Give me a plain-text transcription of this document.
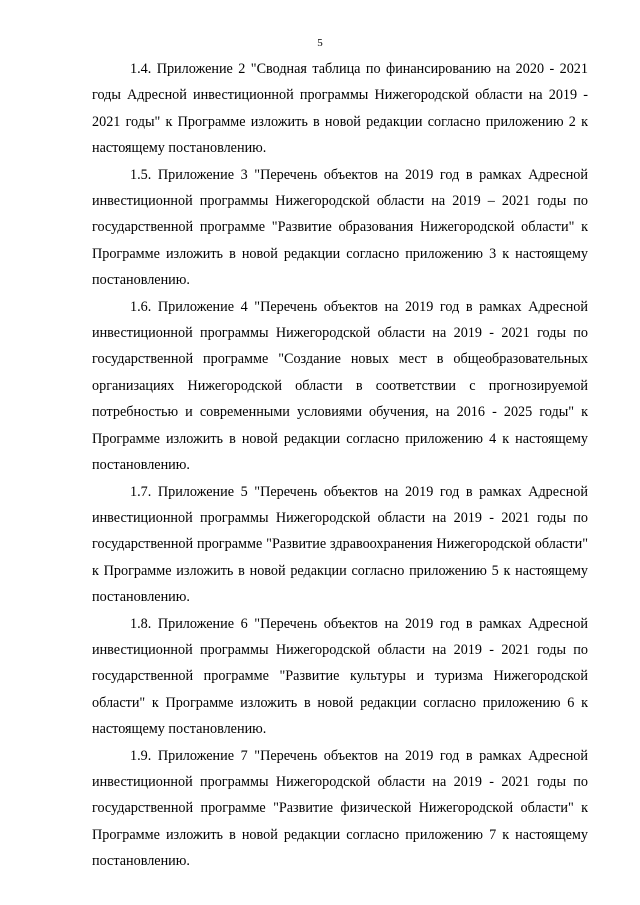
5

1.4. Приложение 2 "Сводная таблица по финансированию на 2020 - 2021 годы Адресной инвестиционной программы Нижегородской области на 2019 - 2021 годы" к Программе изложить в новой редакции согласно приложению 2 к настоящему постановлению.

1.5. Приложение 3 "Перечень объектов на 2019 год в рамках Адресной инвестиционной программы Нижегородской области на 2019 – 2021 годы по государственной программе "Развитие образования Нижегородской области" к Программе изложить в новой редакции согласно приложению 3 к настоящему постановлению.

1.6. Приложение 4 "Перечень объектов на 2019 год в рамках Адресной инвестиционной программы Нижегородской области на 2019 - 2021 годы по государственной программе "Создание новых мест в общеобразовательных организациях Нижегородской области в соответствии с прогнозируемой потребностью и современными условиями обучения, на 2016 - 2025 годы" к Программе изложить в новой редакции согласно приложению 4 к настоящему постановлению.

1.7. Приложение 5 "Перечень объектов на 2019 год в рамках Адресной инвестиционной программы Нижегородской области на 2019 - 2021 годы по государственной программе "Развитие здравоохранения Нижегородской области" к Программе изложить в новой редакции согласно приложению 5 к настоящему постановлению.

1.8. Приложение 6 "Перечень объектов на 2019 год в рамках Адресной инвестиционной программы Нижегородской области на 2019 - 2021 годы по государственной программе "Развитие культуры и туризма Нижегородской области" к Программе изложить в новой редакции согласно приложению 6 к настоящему постановлению.

1.9. Приложение 7 "Перечень объектов на 2019 год в рамках Адресной инвестиционной программы Нижегородской области на 2019 - 2021 годы по государственной программе "Развитие физической Нижегородской области" к Программе изложить в новой редакции согласно приложению 7 к настоящему постановлению.
